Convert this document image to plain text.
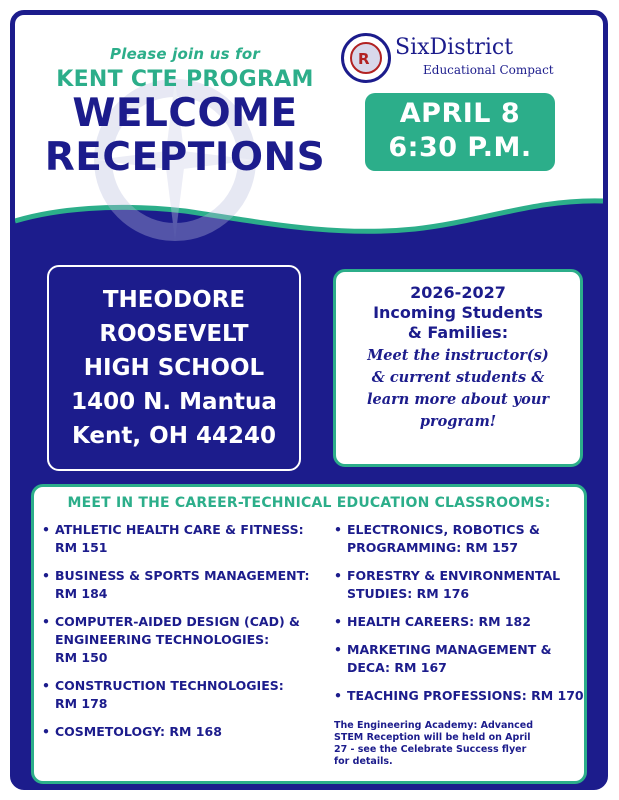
Please join us for
KENT CTE PROGRAM
WELCOME
RECEPTIONS
R SixDistrict
Educational Compact
APRIL 8
6:30 P.M.
THEODORE
ROOSEVELT
HIGH SCHOOL
1400 N. Mantua
Kent, OH 44240
2026-2027
Incoming Students
& Families:
Meet the instructor(s)
& current students &
learn more about your
program!
MEET IN THE CAREER-TECHNICAL EDUCATION CLASSROOMS:
• ATHLETIC HEALTH CARE & FITNESS:
RM 151
• BUSINESS & SPORTS MANAGEMENT:
RM 184
• COMPUTER-AIDED DESIGN (CAD) &
ENGINEERING TECHNOLOGIES:
RM 150
• CONSTRUCTION TECHNOLOGIES:
RM 178
• COSMETOLOGY: RM 168
• ELECTRONICS, ROBOTICS &
PROGRAMMING: RM 157
• FORESTRY & ENVIRONMENTAL
STUDIES: RM 176
• HEALTH CAREERS: RM 182
• MARKETING MANAGEMENT &
DECA: RM 167
• TEACHING PROFESSIONS: RM 170
The Engineering Academy: Advanced
STEM Reception will be held on April
27 - see the Celebrate Success flyer
for details.
